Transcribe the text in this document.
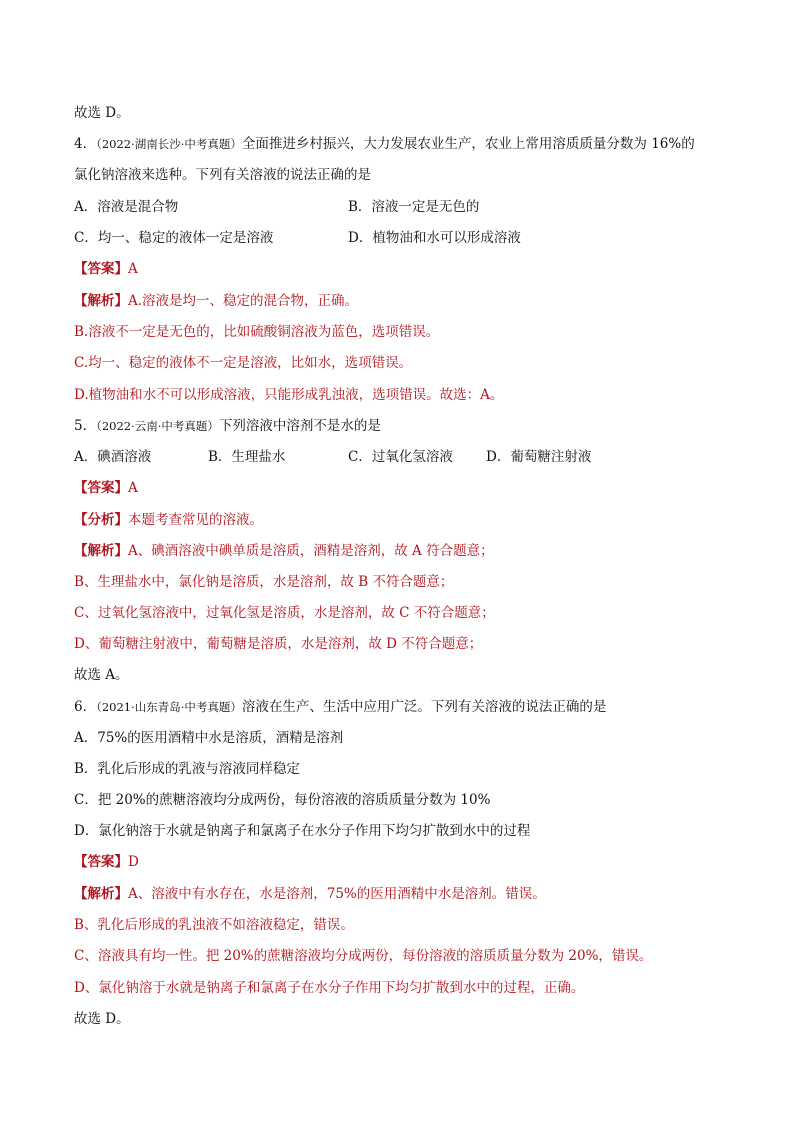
故选 D。
4．（2022·湖南长沙·中考真题）全面推进乡村振兴，大力发展农业生产，农业上常用溶质质量分数为 16%的
氯化钠溶液来选种。下列有关溶液的说法正确的是
A．溶液是混合物	B．溶液一定是无色的
C．均一、稳定的液体一定是溶液	D．植物油和水可以形成溶液
【答案】A
【解析】A.溶液是均一、稳定的混合物，正确。
B.溶液不一定是无色的，比如硫酸铜溶液为蓝色，选项错误。
C.均一、稳定的液体不一定是溶液，比如水，选项错误。
D.植物油和水不可以形成溶液，只能形成乳浊液，选项错误。故选：A。
5．（2022·云南·中考真题）下列溶液中溶剂不是水的是
A．碘酒溶液	B．生理盐水	C．过氧化氢溶液 D．葡萄糖注射液
【答案】A
【分析】本题考查常见的溶液。
【解析】A、碘酒溶液中碘单质是溶质，酒精是溶剂，故 A 符合题意；
B、生理盐水中，氯化钠是溶质，水是溶剂，故 B 不符合题意；
C、过氧化氢溶液中，过氧化氢是溶质，水是溶剂，故 C 不符合题意；
D、葡萄糖注射液中，葡萄糖是溶质，水是溶剂，故 D 不符合题意；
故选 A。
6．（2021·山东青岛·中考真题）溶液在生产、生活中应用广泛。下列有关溶液的说法正确的是
A．75%的医用酒精中水是溶质，酒精是溶剂
B．乳化后形成的乳液与溶液同样稳定
C．把 20%的蔗糖溶液均分成两份，每份溶液的溶质质量分数为 10%
D．氯化钠溶于水就是钠离子和氯离子在水分子作用下均匀扩散到水中的过程
【答案】D
【解析】A、溶液中有水存在，水是溶剂，75%的医用酒精中水是溶剂。错误。
B、乳化后形成的乳浊液不如溶液稳定，错误。
C、溶液具有均一性。把 20%的蔗糖溶液均分成两份，每份溶液的溶质质量分数为 20%，错误。
D、氯化钠溶于水就是钠离子和氯离子在水分子作用下均匀扩散到水中的过程，正确。
故选 D。
